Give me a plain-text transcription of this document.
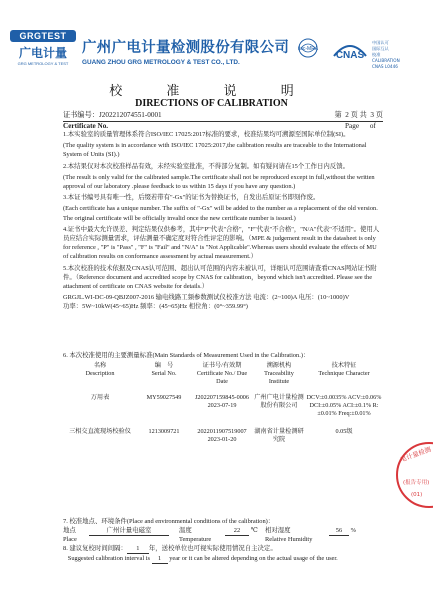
GRGTEST
广电计量
GRG METROLOGY & TEST
广州广电计量检测股份有限公司
GUANG ZHOU GRG METROLOGY & TEST CO., LTD.
ilac-MRA
CNAS
中国认可
国际互认
校准
CALIBRATION
CNAS L0446
校 准 说 明
DIRECTIONS OF CALIBRATION
证书编号：J202212074551-0001	第 2 页 共 3 页
Certificate No.	Page of

1.本实验室的质量管理体系符合ISO/IEC 17025:2017标准的要求，校准结果均可溯源至国际单位制(SI)。

(The quality system is in accordance with ISO/IEC 17025:2017,the calibration results are traceable to the International System of Units (SI).)

2.本结果仅对本次校准样品有效，未经实验室批准，不得部分复制。如有疑问请在15个工作日内反馈。

(The result is only valid for the calibrated sample.The certificate shall not be reproduced except in full,without the written approval of our laboratory .please feedback to us within 15 days if you have any question.)

3.本证书编号具有唯一性，后缀若带有"-Gx"的证书为替换证书，自发出后原证书即刻作废。

(Each certificate has a unique number. The suffix of "-Gx" will be added to the number as a replacement of the old version. The original certificate will be officially invalid once the new certificate number is issued.)

4.证书中最大允许误差、判定结果仅供参考，其中"P"代表"合格"，"F"代表"不合格"，"N/A"代表"不适用"。使用人员应结合实际测量需求，评估测量不确定度对符合性评定的影响。（MPE & judgement result in the datasheet is only for reference , "P" is "Pass" , "F" is "Fail" and "N/A" is "Not Applicable".Whereas users should evaluate the effects of MU of calibration results on conformance assessment by actual measurement.）

5.本次校准的技术依据及CNAS认可范围、超出认可范围的内容未被认可，详细认可范围请查看CNAS网站证书附件。（Reference document and accredited scope by CNAS for calibration，beyond which isn't accredited. Please see the attachment of certificate on CNAS website for details.）

GRGJL.WI-DC-09-QBJZ007-2016 输电线路工频参数测试仪校准方法 电流：(2~100)A 电压：(10~1000)V

功率：5W~10kW(45~65)Hz 频率：(45~65)Hz 相位角：(0°~359.99°)

6. 本次校准使用的主要测量标准(Main Standards of Measurement Used in the Calibration.)：
名称	编　号	证书号/有效期	溯源机构	技术特征
Description	Serial No.	Certificate No./ Due Date	Traceability Institute	Technique Character
万用表	MY59027549	J202207159845-0006
2023-07-19	广州广电计量检测股份有限公司	DCV:±0.0035% ACV:±0.06% DCI:±0.05% ACI:±0.1% R:±0.01% Freq:±0.01%
三相交直流现场校验仪	1213009721	2022011907519007
2023-01-20	湖南省计量检测研究院	0.05级
7. 校准地点、环境条件(Place and environmental conditions of the calibration)：
地点
Place
广州计量电磁室	温度
Temperature
22 ℃	相对湿度
Relative Humidity
56 %
8. 建议复校时间间隔： 1 年，送校单位也可视实际使用情况自主决定。
Suggested calibration interval is 1 year or it can be altered depending on the actual usage of the user.
电计量检测
(报告专用)
(01)
